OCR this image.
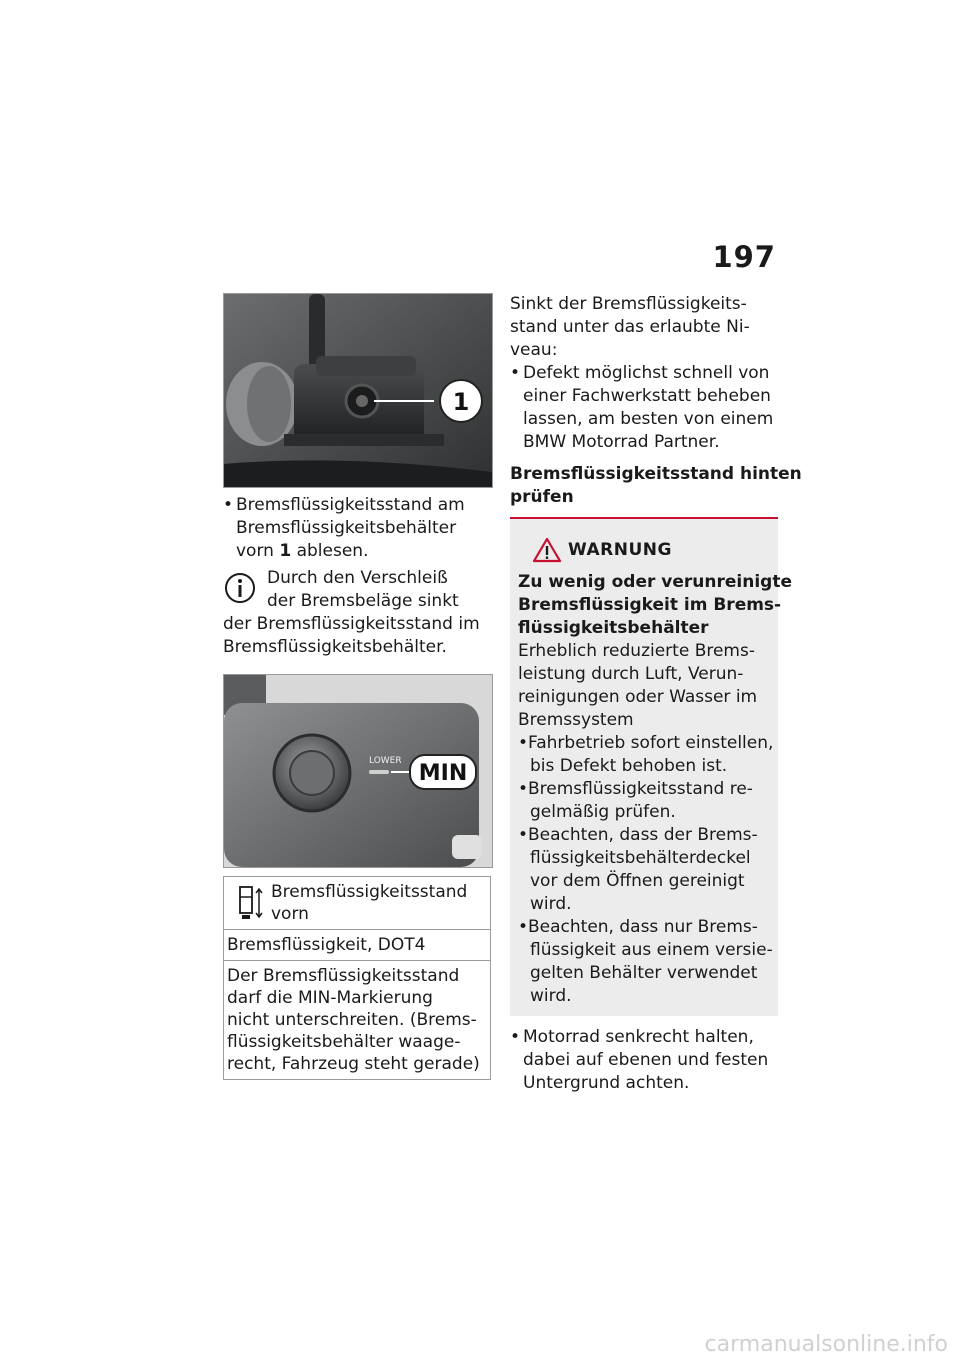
197
1
• Bremsflüssigkeitsstand am
Bremsflüssigkeitsbehälter
vorn 1 ablesen.
Durch den Verschleiß
der Bremsbeläge sinkt
der Bremsflüssigkeitsstand im
Bremsflüssigkeitsbehälter.
LOWER MIN
Bremsflüssigkeitsstand
vorn

Bremsflüssigkeit, DOT4

Der Bremsflüssigkeitsstand
darf die MIN-Markierung
nicht unterschreiten. (Brems-
flüssigkeitsbehälter waage-
recht, Fahrzeug steht gerade)
Sinkt der Bremsflüssigkeits-
stand unter das erlaubte Ni-
veau:
• Defekt möglichst schnell von
einer Fachwerkstatt beheben
lassen, am besten von einem
BMW Motorrad Partner.
Bremsflüssigkeitsstand hinten
prüfen
WARNUNG
Zu wenig oder verunreinigte
Bremsflüssigkeit im Brems-
flüssigkeitsbehälter
Erheblich reduzierte Brems-
leistung durch Luft, Verun-
reinigungen oder Wasser im
Bremssystem
• Fahrbetrieb sofort einstellen,
bis Defekt behoben ist.
• Bremsflüssigkeitsstand re-
gelmäßig prüfen.
• Beachten, dass der Brems-
flüssigkeitsbehälterdeckel
vor dem Öffnen gereinigt
wird.
• Beachten, dass nur Brems-
flüssigkeit aus einem versie-
gelten Behälter verwendet
wird.
• Motorrad senkrecht halten,
dabei auf ebenen und festen
Untergrund achten.
carmanualsonline.info
